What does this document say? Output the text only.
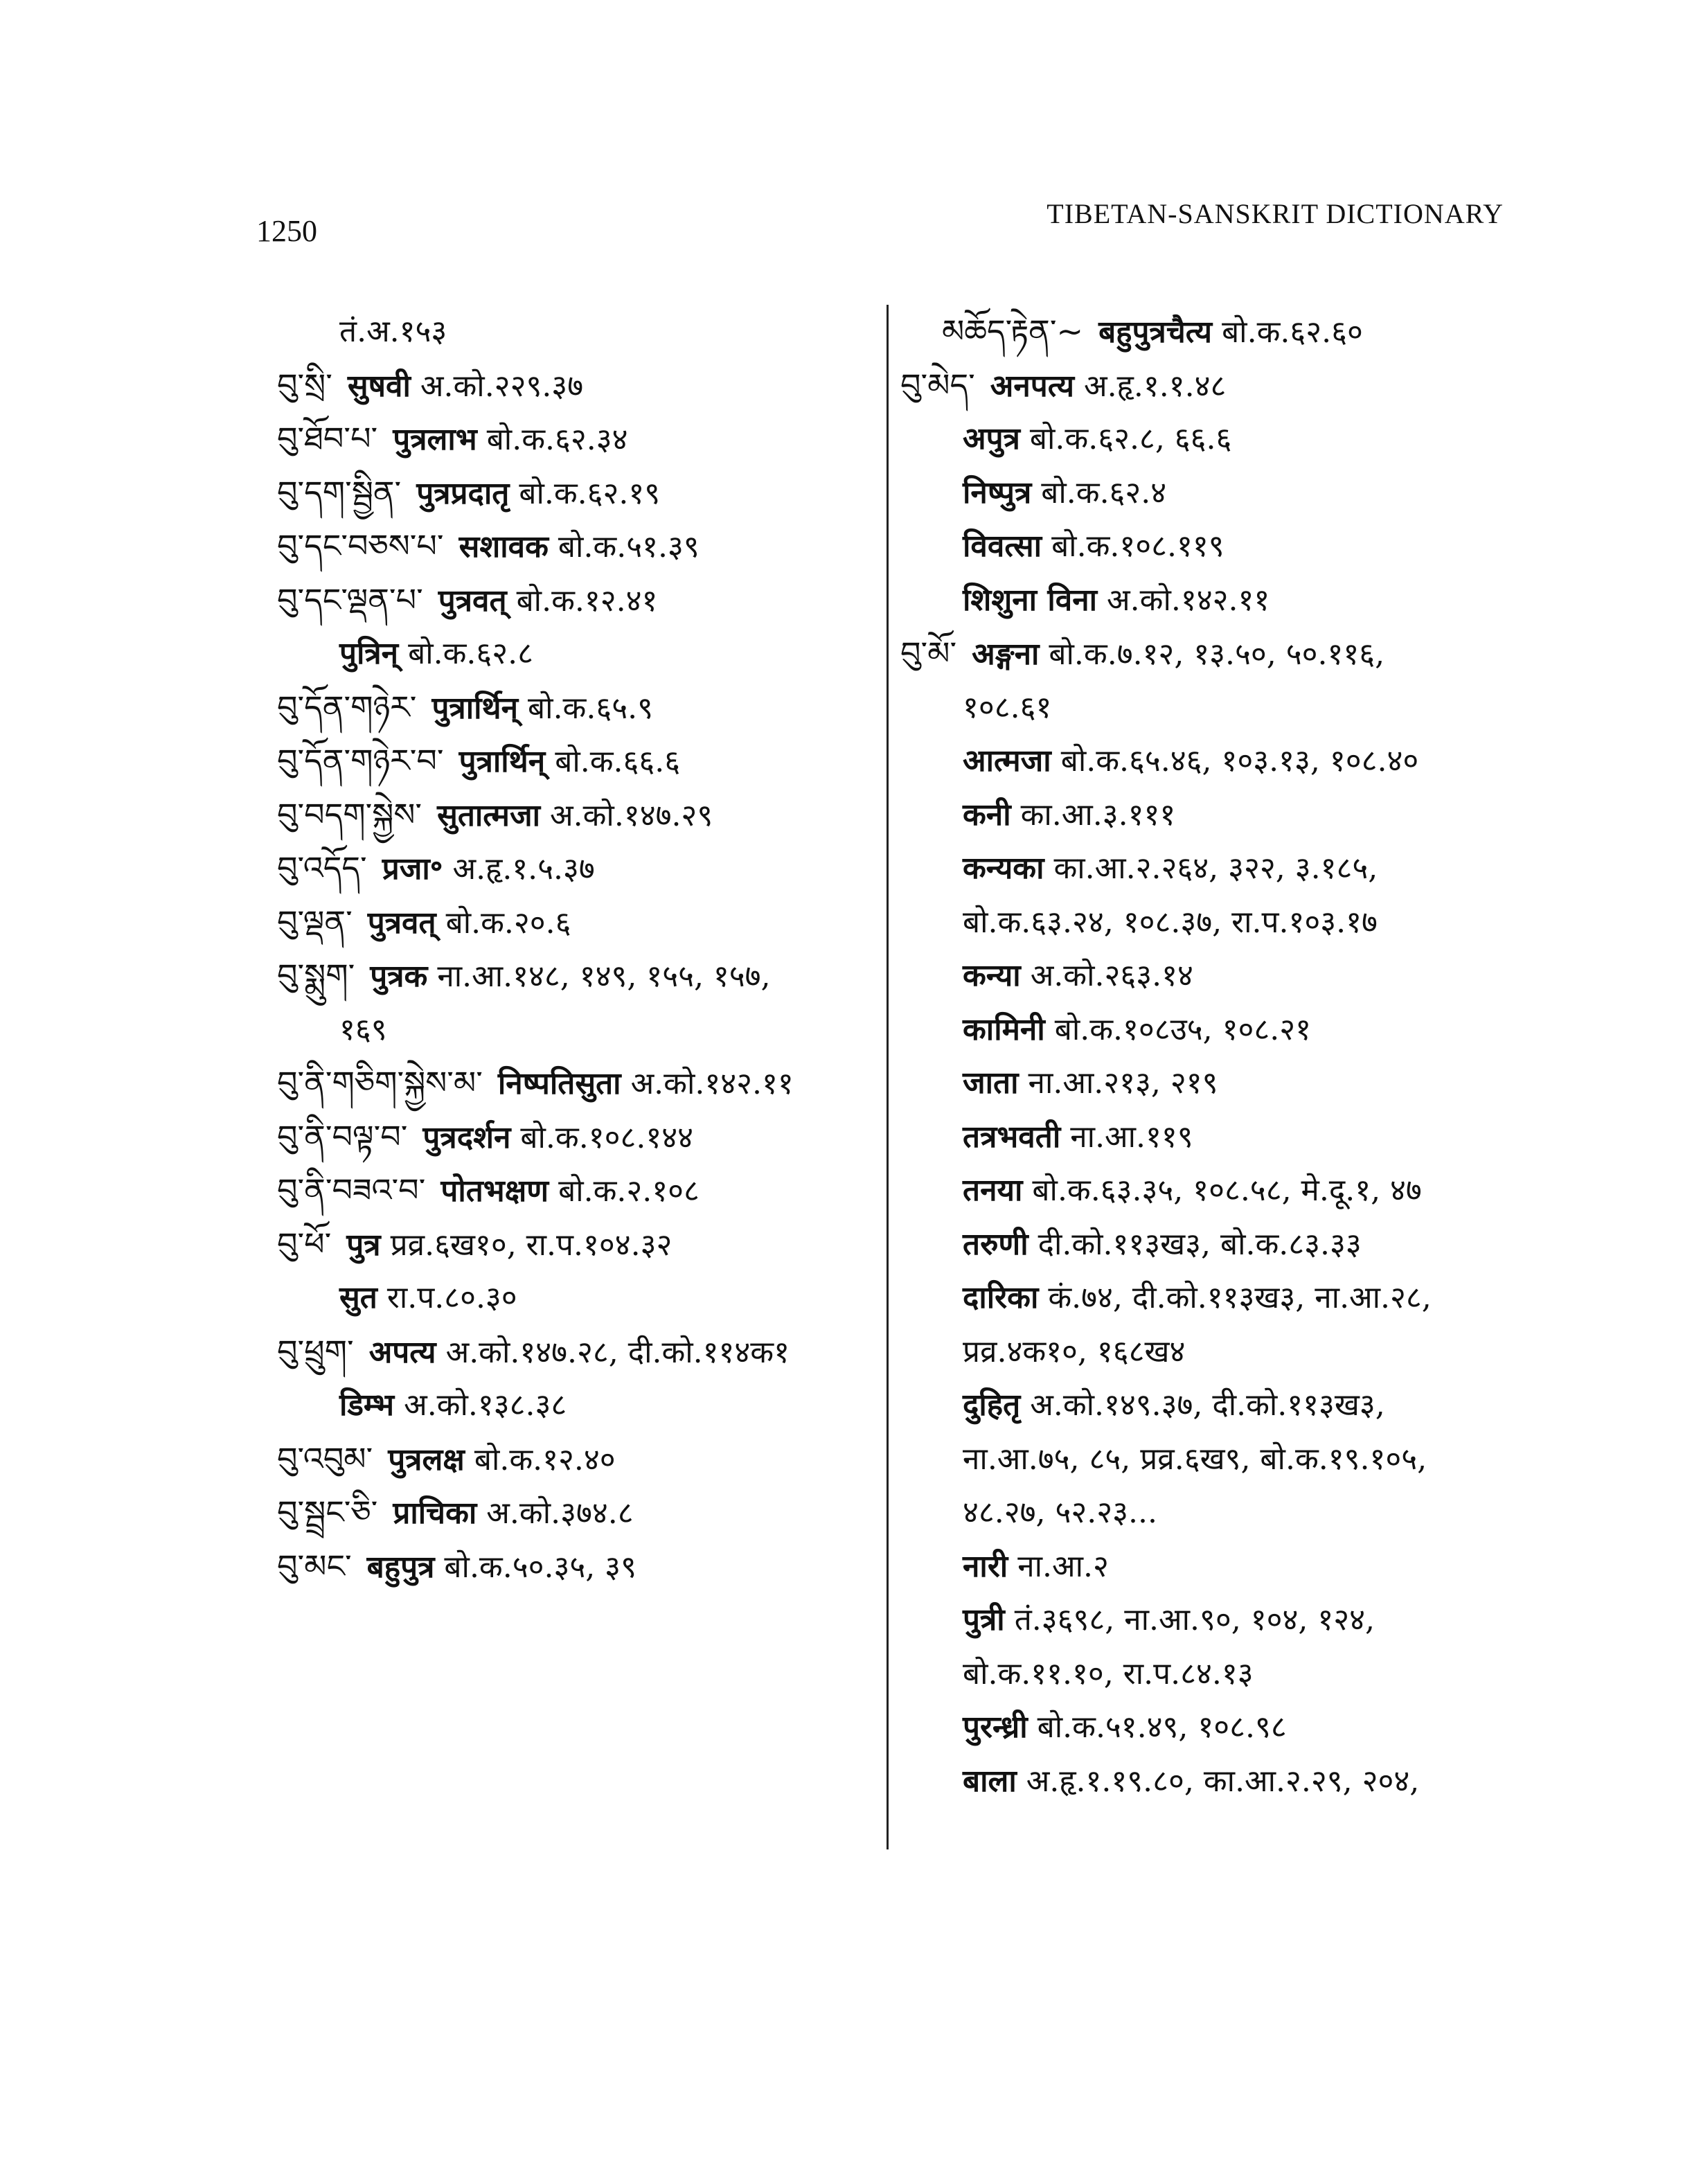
1250
TIBETAN-SANSKRIT DICTIONARY
तं.अ.१५३
བུ་སྲི་ सुषवी अ.को.२२९.३७
བུ་ཐོབ་པ་ पुत्रलाभ बो.क.६२.३४
བུ་དག་སྦྱིན་ पुत्रप्रदातृ बो.क.६२.१९
བུ་དང་བཅས་པ་ सशावक बो.क.५१.३९
བུ་དང་ལྡན་པ་ पुत्रवत् बो.क.१२.४१
पुत्रिन् बो.क.६२.८
བུ་དོན་གཉེར་ पुत्रार्थिन् बो.क.६५.९
བུ་དོན་གཉེར་བ་ पुत्रार्थिन् बो.क.६६.६
བུ་བདག་སྐྱེས་ सुतात्मजा अ.को.१४७.२९
བུ་འདོད་ प्रजा॰ अ.हृ.१.५.३७
བུ་ལྡན་ पुत्रवत् बो.क.२०.६
བུ་སྨུག་ पुत्रक ना.आ.१४८, १४९, १५५, १५७,
१६९
བུ་ནི་གཅིག་སྐྱེས་མ་ निष्पतिसुता अ.को.१४२.११
བུ་ནི་བལྟ་བ་ पुत्रदर्शन बो.क.१०८.१४४
བུ་ནི་བཟའ་བ་ पोतभक्षण बो.क.२.१०८
བུ་ཕོ་ पुत्र प्रव्र.६ख१०, रा.प.१०४.३२
सुत रा.प.८०.३०
བུ་ཕྲུག་ अपत्य अ.को.१४७.२८, दी.को.११४क१
डिम्भ अ.को.१३८.३८
བུ་འབུམ་ पुत्रलक्ष बो.क.१२.४०
བུ་སྦྲང་ཅི་ प्राचिका अ.को.३७४.८
བུ་མང་ बहुपुत्र बो.क.५०.३५, ३९
མཆོད་རྟེན་~ बहुपुत्रचैत्य बो.क.६२.६०
བུ་མེད་ अनपत्य अ.हृ.१.१.४८
अपुत्र बो.क.६२.८, ६६.६
निष्पुत्र बो.क.६२.४
विवत्सा बो.क.१०८.११९
शिशुना विना अ.को.१४२.११
བུ་མོ་ अङ्गना बो.क.७.१२, १३.५०, ५०.११६,
१०८.६१
आत्मजा बो.क.६५.४६, १०३.१३, १०८.४०
कनी का.आ.३.१११
कन्यका का.आ.२.२६४, ३२२, ३.१८५,
बो.क.६३.२४, १०८.३७, रा.प.१०३.१७
कन्या अ.को.२६३.१४
कामिनी बो.क.१०८उ५, १०८.२१
जाता ना.आ.२१३, २१९
तत्रभवती ना.आ.११९
तनया बो.क.६३.३५, १०८.५८, मे.दू.१, ४७
तरुणी दी.को.११३ख३, बो.क.८३.३३
दारिका कं.७४, दी.को.११३ख३, ना.आ.२८,
प्रव्र.४क१०, १६८ख४
दुहितृ अ.को.१४९.३७, दी.को.११३ख३,
ना.आ.७५, ८५, प्रव्र.६ख९, बो.क.१९.१०५,
४८.२७, ५२.२३...
नारी ना.आ.२
पुत्री तं.३६९८, ना.आ.९०, १०४, १२४,
बो.क.११.१०, रा.प.८४.१३
पुरन्ध्री बो.क.५१.४९, १०८.९८
बाला अ.हृ.१.१९.८०, का.आ.२.२९, २०४,
